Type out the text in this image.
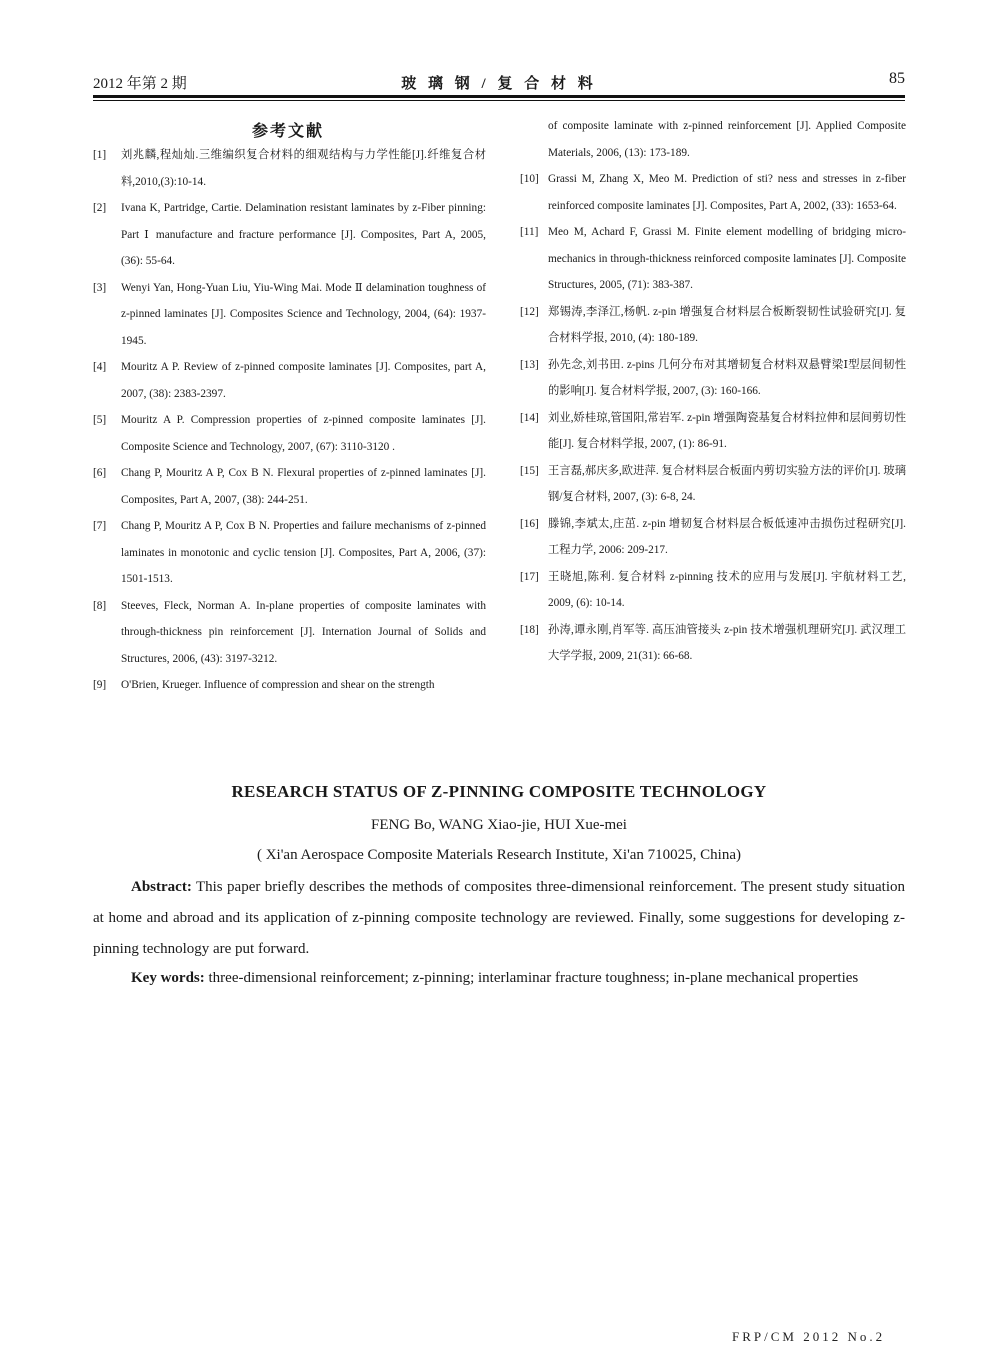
2012 年第 2 期	玻 璃 钢 / 复 合 材 料	85
参考文献
[1] 刘兆麟,程灿灿.三维编织复合材料的细观结构与力学性能[J].纤维复合材料,2010,(3):10-14.
[2] Ivana K, Partridge, Cartie. Delamination resistant laminates by z-Fiber pinning: Part Ⅰ manufacture and fracture performance [J]. Composites, Part A, 2005, (36): 55-64.
[3] Wenyi Yan, Hong-Yuan Liu, Yiu-Wing Mai. Mode Ⅱ delamination toughness of z-pinned laminates [J]. Composites Science and Technology, 2004, (64): 1937-1945.
[4] Mouritz A P. Review of z-pinned composite laminates [J]. Composites, part A, 2007, (38): 2383-2397.
[5] Mouritz A P. Compression properties of z-pinned composite laminates [J]. Composite Science and Technology, 2007, (67): 3110-3120 .
[6] Chang P, Mouritz A P, Cox B N. Flexural properties of z-pinned laminates [J]. Composites, Part A, 2007, (38): 244-251.
[7] Chang P, Mouritz A P, Cox B N. Properties and failure mechanisms of z-pinned laminates in monotonic and cyclic tension [J]. Composites, Part A, 2006, (37): 1501-1513.
[8] Steeves, Fleck, Norman A. In-plane properties of composite laminates with through-thickness pin reinforcement [J]. Internation Journal of Solids and Structures, 2006, (43): 3197-3212.
[9] O'Brien, Krueger. Influence of compression and shear on the strength
of composite laminate with z-pinned reinforcement [J]. Applied Composite Materials, 2006, (13): 173-189.
[10] Grassi M, Zhang X, Meo M. Prediction of sti? ness and stresses in z-fiber reinforced composite laminates [J]. Composites, Part A, 2002, (33): 1653-64.
[11] Meo M, Achard F, Grassi M. Finite element modelling of bridging micro-mechanics in through-thickness reinforced composite laminates [J]. Composite Structures, 2005, (71): 383-387.
[12] 郑锡涛,李泽江,杨帆. z-pin 增强复合材料层合板断裂韧性试验研究[J]. 复合材料学报, 2010, (4): 180-189.
[13] 孙先念,刘书田. z-pins 几何分布对其增韧复合材料双悬臂梁Ⅰ型层间韧性的影响[J]. 复合材料学报, 2007, (3): 160-166.
[14] 刘业,娇桂琼,管国阳,常岩军. z-pin 增强陶瓷基复合材料拉伸和层间剪切性能[J]. 复合材料学报, 2007, (1): 86-91.
[15] 王言磊,郝庆多,欧进萍. 复合材料层合板面内剪切实验方法的评价[J]. 玻璃钢/复合材料, 2007, (3): 6-8, 24.
[16] 滕锦,李斌太,庄茁. z-pin 增韧复合材料层合板低速冲击损伤过程研究[J]. 工程力学, 2006: 209-217.
[17] 王晓旭,陈利. 复合材料 z-pinning 技术的应用与发展[J]. 宇航材料工艺, 2009, (6): 10-14.
[18] 孙涛,谭永刚,肖军等. 高压油管接头 z-pin 技术增强机理研究[J]. 武汉理工大学学报, 2009, 21(31): 66-68.
RESEARCH STATUS OF Z-PINNING COMPOSITE TECHNOLOGY
FENG Bo, WANG Xiao-jie, HUI Xue-mei
( Xi'an Aerospace Composite Materials Research Institute, Xi'an 710025, China)
Abstract: This paper briefly describes the methods of composites three-dimensional reinforcement. The present study situation at home and abroad and its application of z-pinning composite technology are reviewed. Finally, some suggestions for developing z-pinning technology are put forward.
Key words: three-dimensional reinforcement; z-pinning; interlaminar fracture toughness; in-plane mechanical properties
FRP/CM 2012 No.2
